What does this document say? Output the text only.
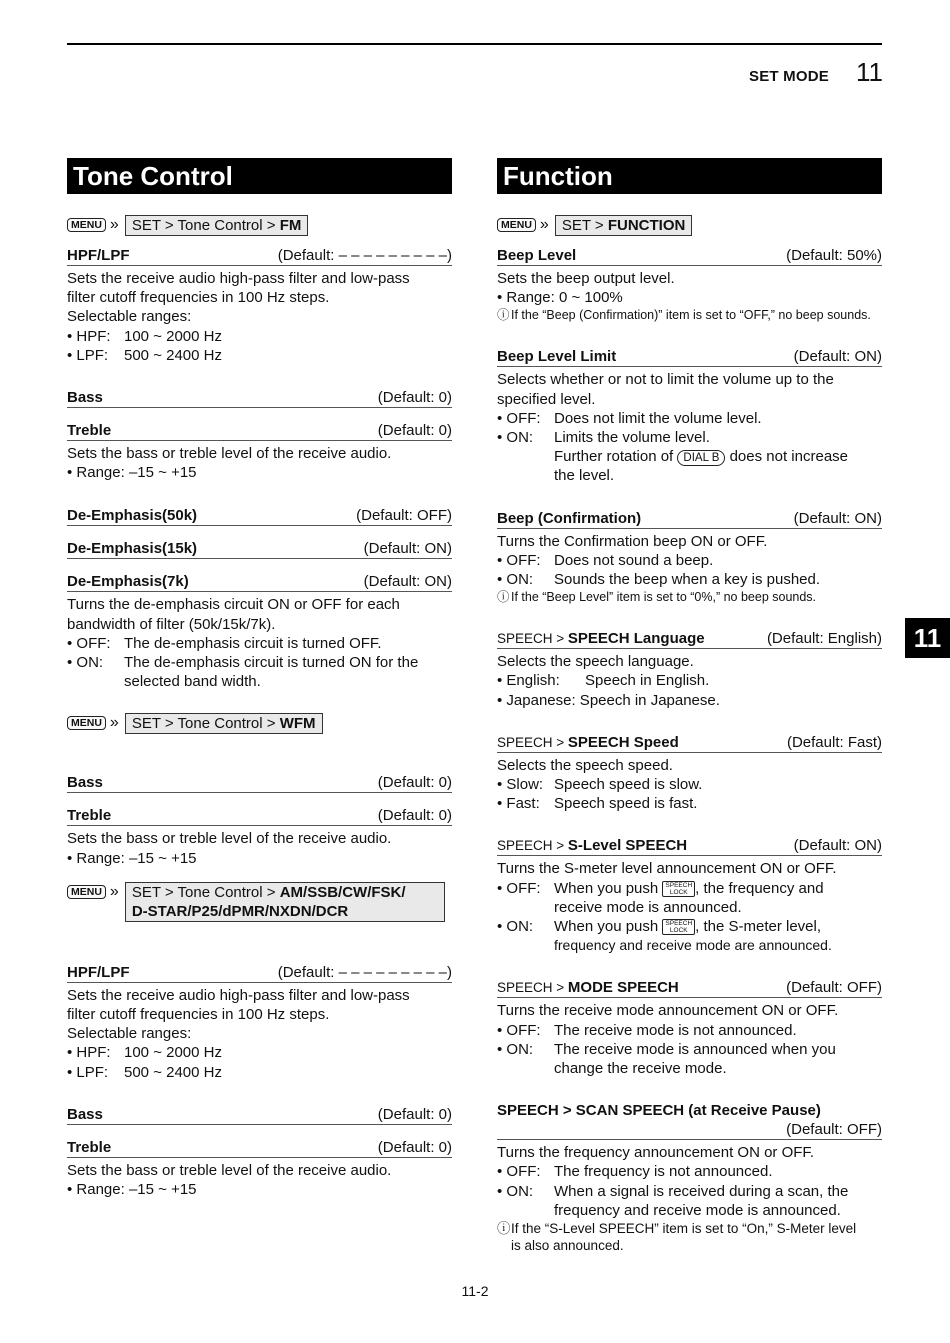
SET MODE 11
11
11-2
Tone Control
MENU » SET > Tone Control > FM
HPF/LPF	(Default: – – – – – – – – –)
Sets the receive audio high-pass filter and low-pass
filter cutoff frequencies in 100 Hz steps.
Selectable ranges:
• HPF: 100 ~ 2000 Hz
• LPF:	500 ~ 2400 Hz
Bass	(Default: 0)
Treble	(Default: 0)
Sets the bass or treble level of the receive audio.
• Range: –15 ~ +15
De-Emphasis(50k)	(Default: OFF)
De-Emphasis(15k)	(Default: ON)
De-Emphasis(7k)	(Default: ON)
Turns the de-emphasis circuit ON or OFF for each
bandwidth of filter (50k/15k/7k).
• OFF: The de-emphasis circuit is turned OFF.
• ON:	The de-emphasis circuit is turned ON for the
selected band width.
MENU » SET > Tone Control > WFM
Bass	(Default: 0)
Treble	(Default: 0)
Sets the bass or treble level of the receive audio.
• Range: –15 ~ +15
MENU » SET > Tone Control > AM/SSB/CW/FSK/
D-STAR/P25/dPMR/NXDN/DCR
HPF/LPF	(Default: – – – – – – – – –)
Sets the receive audio high-pass filter and low-pass
filter cutoff frequencies in 100 Hz steps.
Selectable ranges:
• HPF: 100 ~ 2000 Hz
• LPF:	500 ~ 2400 Hz
Bass	(Default: 0)
Treble	(Default: 0)
Sets the bass or treble level of the receive audio.
• Range: –15 ~ +15
Function
MENU » SET > FUNCTION
Beep Level	(Default: 50%)
Sets the beep output level.
• Range: 0 ~ 100%
ⓘ If the “Beep (Confirmation)” item is set to “OFF,” no beep sounds.
Beep Level Limit	(Default: ON)
Selects whether or not to limit the volume up to the
specified level.
• OFF: Does not limit the volume level.
• ON:	Limits the volume level.
Further rotation of DIAL B does not increase
the level.
Beep (Confirmation)	(Default: ON)
Turns the Confirmation beep ON or OFF.
• OFF: Does not sound a beep.
• ON:	Sounds the beep when a key is pushed.
ⓘ If the “Beep Level” item is set to “0%,” no beep sounds.
SPEECH > SPEECH Language	(Default: English)
Selects the speech language.
• English:	Speech in English.
• Japanese: Speech in Japanese.
SPEECH > SPEECH Speed	(Default: Fast)
Selects the speech speed.
• Slow: Speech speed is slow.
• Fast: Speech speed is fast.
SPEECH > S-Level SPEECH	(Default: ON)
Turns the S-meter level announcement ON or OFF.
• OFF: When you push SPEECH
LOCK , the frequency and
receive mode is announced.
• ON:	When you push SPEECH
LOCK , the S-meter level,
frequency and receive mode are announced.
SPEECH > MODE SPEECH	(Default: OFF)
Turns the receive mode announcement ON or OFF.
• OFF: The receive mode is not announced.
• ON:	The receive mode is announced when you
change the receive mode.
SPEECH > SCAN SPEECH (at Receive Pause)
(Default: OFF)
Turns the frequency announcement ON or OFF.
• OFF: The frequency is not announced.
• ON:	When a signal is received during a scan, the
frequency and receive mode is announced.
ⓘ If the “S-Level SPEECH” item is set to “On,” S-Meter level
is also announced.
